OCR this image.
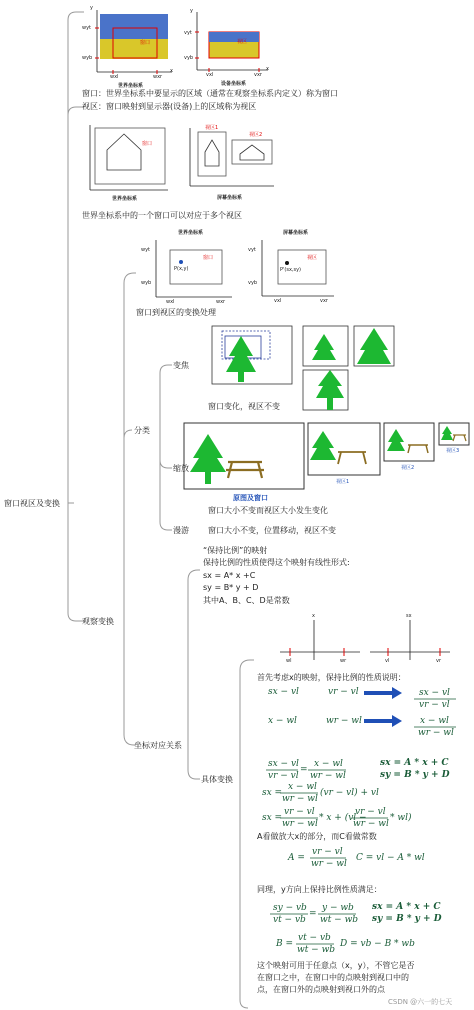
窗口视区及变换

观察变换

分类

变焦

缩放

漫游

坐标对应关系

具体变换

y

wyt

wyb

wxl	wxr

x

窗口

世界坐标系

y

vyt

vyb

vxl	vxr

x

视区

设备坐标系

窗口：世界坐标系中要显示的区域（通常在观察坐标系内定义）称为窗口

视区：窗口映射到显示器(设备)上的区域称为视区

窗口

世界坐标系

视区1

视区2

屏幕坐标系

世界坐标系中的一个窗口可以对应于多个视区

世界坐标系	屏幕坐标系

窗口	视区

P(x,y)	P'(sx,sy)

wyt

wyb

wxl	wxr

vyt

vyb

vxl	vxr

窗口到视区的变换处理

窗口变化，视区不变

原图及窗口

视区1

视区2

视区3

窗口大小不变而视区大小发生变化

窗口大小不变，位置移动，视区不变

“保持比例”的映射

保持比例的性质使得这个映射有线性形式:

sx = A* x +C

sy = B* y + D

其中A、B、C、D是常数

x	sx

wl	wr	vl	vr

首先考虑x的映射，保持比例的性质说明：

sx − vl	vr − vl	sx − vl

vr − vl

x − wl	wr − wl	x − wl

wr − wl

sx − vl

vr − vl

=

x − wl

wr − wl

sx = A * x + C

sy = B * y + D

sx =

x − wl

wr − wl

(vr − vl) + vl

sx =

vr − vl

wr − wl

* x + (vl −

vr − vl

wr − wl

* wl)

A看做放大x的部分，而C看做常数

A =

vr − vl

wr − wl

C = vl − A * wl

同理，y方向上保持比例性质满足：

sy − vb

vt − vb

=

y − wb

wt − wb

sx = A * x + C

sy = B * y + D

B =

vt − vb

wt − wb

D = vb − B * wb

这个映射可用于任意点（x，y），不管它是否

在窗口之中，在窗口中的点映射到视口中的

点，在窗口外的点映射到视口外的点

CSDN @六一的七天
